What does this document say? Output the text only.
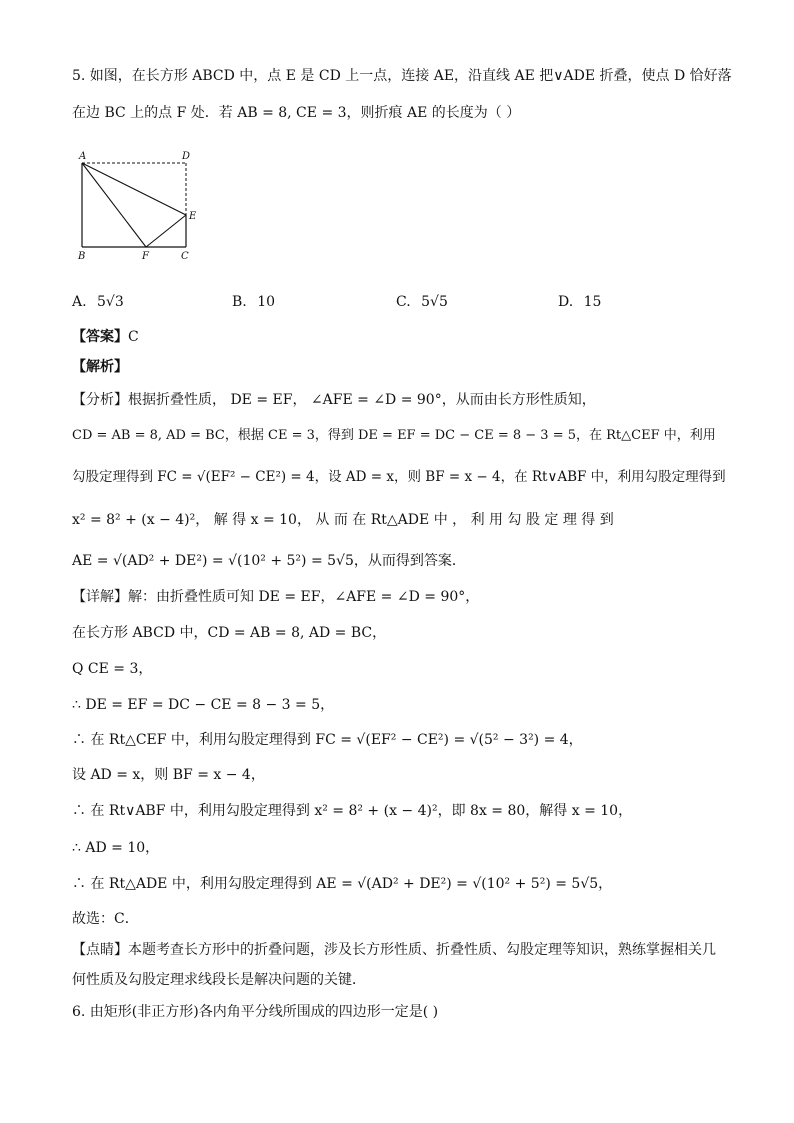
5. 如图，在长方形 ABCD 中，点 E 是 CD 上一点，连接 AE，沿直线 AE 把∨ADE 折叠，使点 D 恰好落
在边 BC 上的点 F 处．若 AB = 8, CE = 3，则折痕 AE 的长度为（ ）
A	D
E
B	F	C
A. 5√3	B. 10	C. 5√5	D. 15
【答案】C
【解析】
【分析】根据折叠性质， DE = EF， ∠AFE = ∠D = 90°，从而由长方形性质知，
CD = AB = 8, AD = BC，根据 CE = 3，得到 DE = EF = DC − CE = 8 − 3 = 5，在 Rt△CEF 中，利用
勾股定理得到 FC = √(EF² − CE²) = 4，设 AD = x，则 BF = x − 4，在 Rt∨ABF 中，利用勾股定理得到
x² = 8² + (x − 4)²， 解 得 x = 10， 从 而 在 Rt△ADE 中 ， 利 用 勾 股 定 理 得 到
AE = √(AD² + DE²) = √(10² + 5²) = 5√5，从而得到答案．
【详解】解：由折叠性质可知 DE = EF，∠AFE = ∠D = 90°，
在长方形 ABCD 中，CD = AB = 8, AD = BC，
Q CE = 3，
∴ DE = EF = DC − CE = 8 − 3 = 5，
∴ 在 Rt△CEF 中，利用勾股定理得到 FC = √(EF² − CE²) = √(5² − 3²) = 4，
设 AD = x，则 BF = x − 4，
∴ 在 Rt∨ABF 中，利用勾股定理得到 x² = 8² + (x − 4)²，即 8x = 80，解得 x = 10，
∴ AD = 10，
∴ 在 Rt△ADE 中，利用勾股定理得到 AE = √(AD² + DE²) = √(10² + 5²) = 5√5，
故选：C．
【点睛】本题考查长方形中的折叠问题，涉及长方形性质、折叠性质、勾股定理等知识，熟练掌握相关几
何性质及勾股定理求线段长是解决问题的关键．
6. 由矩形(非正方形)各内角平分线所围成的四边形一定是( )
